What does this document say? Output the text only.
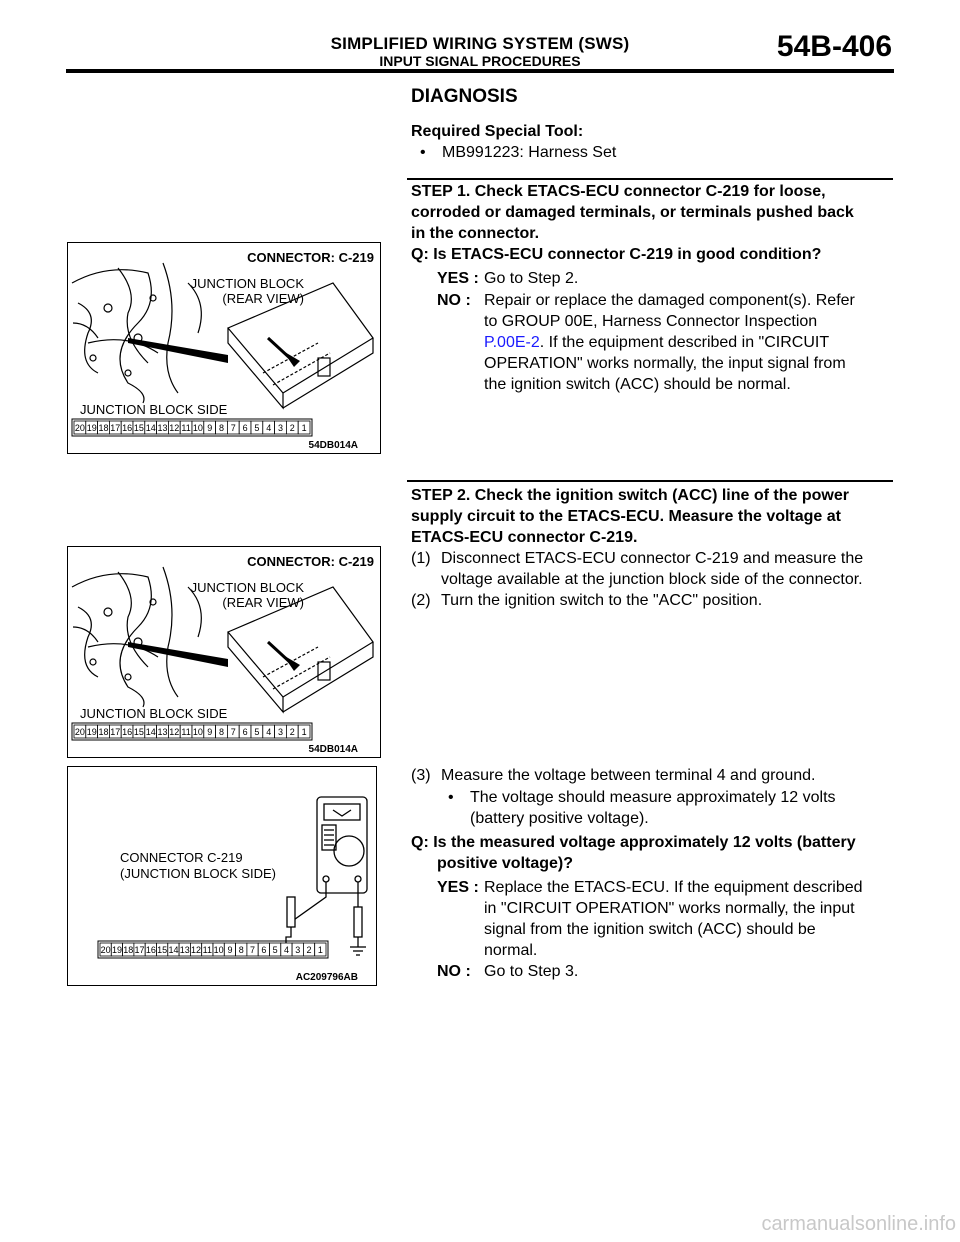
SIMPLIFIED WIRING SYSTEM (SWS)
INPUT SIGNAL PROCEDURES	54B-406
DIAGNOSIS
Required Special Tool:
• MB991223: Harness Set
STEP 1. Check ETACS-ECU connector C-219 for loose,
corroded or damaged terminals, or terminals pushed back
in the connector.
Q: Is ETACS-ECU connector C-219 in good condition?
YES : Go to Step 2.
NO : Repair or replace the damaged component(s). Refer
to GROUP 00E, Harness Connector Inspection
P.00E-2. If the equipment described in "CIRCUIT
OPERATION" works normally, the input signal from
the ignition switch (ACC) should be normal.
STEP 2. Check the ignition switch (ACC) line of the power
supply circuit to the ETACS-ECU. Measure the voltage at
ETACS-ECU connector C-219.
(1) Disconnect ETACS-ECU connector C-219 and measure the
voltage available at the junction block side of the connector.
(2) Turn the ignition switch to the "ACC" position.
(3) Measure the voltage between terminal 4 and ground.
• The voltage should measure approximately 12 volts
(battery positive voltage).
Q: Is the measured voltage approximately 12 volts (battery
positive voltage)?
YES : Replace the ETACS-ECU. If the equipment described
in "CIRCUIT OPERATION" works normally, the input
signal from the ignition switch (ACC) should be
normal.
NO : Go to Step 3.
CONNECTOR: C-219
JUNCTION BLOCK
(REAR VIEW)
JUNCTION BLOCK SIDE
20 19 18 17 16 15 14 13 12 11 10 9 8 7 6 5 4 3 2 1
54DB014A
CONNECTOR: C-219
JUNCTION BLOCK
(REAR VIEW)
JUNCTION BLOCK SIDE
20 19 18 17 16 15 14 13 12 11 10 9 8 7 6 5 4 3 2 1
54DB014A
CONNECTOR C-219
(JUNCTION BLOCK SIDE)
20 19 18 17 16 15 14 13 12 11 10 9 8 7 6 5 4 3 2 1
AC209796AB
carmanualsonline.info
